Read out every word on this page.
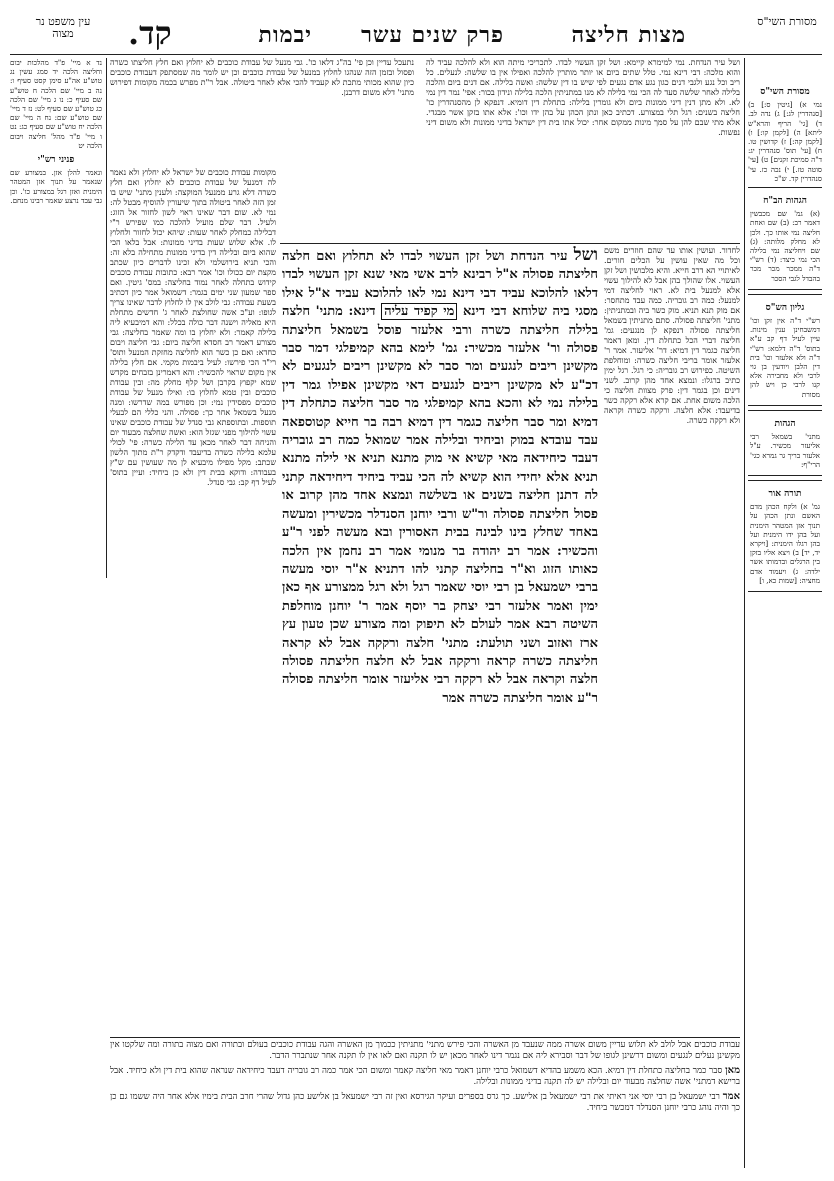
מסורת השי"ס
עין משפט נר מצוה	מצות חליצה
פרק שנים עשר
יבמות
קד.
מסורת השי"ס

נמי א) [גיטין ס:] ב) [סנהדרין לג:] ג) נדה לב. ד) [גי' הריף והרא"ש ליתא] ה) [לקמן קו:] ו) [לקמן קה:] ז) קדושין טו. ח) [עי' תוס' סנהדרין יג: ד"ה סמיכת זקנים] ט) [עי' סוטה טז.] י) נכה כז. עי' סנהדרין קד. ש"כ

הגהות הב"ח

(א) גמ' שם מכבשין דאמר רב: (ב) שם ואחת חליצה נמי אותו כך. ולכן לא מחלק מלותה: (ג) שם ויחליצה נמי בלילה הכי נמי כיצד: (ד) רש"י ד"ה ממכר מכר מכר בהבדל לגבי הסכר

גליון הש"ס

רש"י ד"ה אין זקן וכו' דמשבחינן ענין מינות. עיין לעיל דף קב ע"א בתוס' ד"ה דלמא: רש"י ד"ה ולא אלעזר וכו' בית דין הלבן ויודעין בן גוי לרבי ולא מחבירה אלא קנו לרבי כן ויש להן מסורת

הגהות

מתני' בשמאל רבי אליעזר מכשיר. ע"ל אלעזר בריך גר גמרא כגי' הרי"ף:

תורה אור

גמ' א) ולקח הכהן מדם האשם ונתן הכהן על תנוך אזן המטהר הימנית ועל בהן ידו הימנית ועל בהן רגלו הימנית: [ויקרא יד, יד] ב) ויצא אליו בזקן בין הרגלים ובדמותו אשר ילדה: ג) ויעמוד אדם מחציה: [שמות כא, ו]

נד א מיי' פ"ד מהלכות יבום וחליצה הלכה יד סמג עשין נג טוש"ע אה"ע סימן קסט סעיף ו: נה ב מיי' שם הלכה ח טוש"ע שם סעיף כ: נו ג מיי' שם הלכה כג טוש"ע שם סעיף לט: נז ד מיי' שם טוש"ע שם: נח ה מיי' שם הלכה יח טוש"ע שם סעיף כג: נט ו מיי' פ"ד מהל' חליצה ויבום הלכה יט

פניני רש"י

ונאמר להלן אזן. במצורע שם שנאמר על תנוך אזן המטהר הימנית ואזן רגל במצורע כו'. וכן גבי עבד נרצע שאמר רבינו מנחם.

ושל עיר הנדחת. נמי למימרא קיימא: ושל זקן העשוי לבדו. לתכריכי מיתה הוא ולא להלכה עביד לה והוא מלכה: דבי דינא נמי. טלל שתים ביום או יותר מותרין להלכה ואפילו אין בו שלשה: לנעלים. כל ריב וכל נגע ולגבי דנים כגון נגע אדם נגעים לפי שיש בו דין שלשה: ואשה בלילה. אם דנים ביום והלכה בלילה לאחר שלשה סעד לה הכי נמי בלילה לא מנו במתניתין הלכה בלילה ונידון בכור: אפי' נמר דין נמי לא. ולא מתן דנין דיני ממונות ביום ולא גומרין בלילה: בתחלת דין דומיא. דנפקא לן מהסנהדרין כו' חליצה בשנים: רגל תלי במצורע. דכתיב כאן ונתן הכהן על בהן ידו וכו': אלא אתו בזקן אשר מבגדי. אלא מתי שבם להן על סמך מינות ממקום אחר: יכול אתו בית דין ישראל בדיני ממונות ולא משום דיני נפשות.

נתעכל עדיין וכן פי' בה"ג דלאו כו'. גבי מנעל של עבודת כוכבים לא יחלוץ ואם חלץ חליצתו כשרה ופסול ובזמן הזה שנהגו לחלוץ במנעל של עבודת כוכבים וכן יש לומר מה שמסתפק דעבודת כוכבים כיון שהוא מכותי מתכת לא קעביד להכי אלא לאחר ביטולה. אבל ר"ת מפרש בכמה מקומות דפירוש מתני' דלא משום דרבנן.

ושל עיר הנדחת ושל זקן העשוי לבדו לא תחלוץ ואם חלצה חליצתה פסולה א"ל רבינא לרב אשי מאי שנא זקן העשוי לבדו דלאו להלוכא עביד דבי דינא נמי לאו להלוכא עביד א"ל אילו מסגי ביה שלוחא דבי דינא מי קפיד עליה דינא: מתני' חלצה בלילה חליצתה כשרה ורבי אלעזר פוסל בשמאל חליצתה פסולה ור' אלעזר מכשיר: גמ' לימא בהא קמיפלגי דמר סבר מקשינן ריבים לנגעים ומר סבר לא מקשינן ריבים לנגעים לא דכ"ע לא מקשינן ריבים לנגעים דאי מקשינן אפילו גמר דין בלילה נמי לא והכא בהא קמיפלגי מר סבר חליצה כתחלת דין דמיא ומר סבר חליצה כגמר דין דמיא רבה בר חייא קטוספאה עבד עובדא במוק וביחיד ובלילה אמר שמואל כמה רב גובריה דעבד כיחידאה מאי קשיא אי מוק מתנא תניא אי לילה מתנא תניא אלא יחידי הוא קשיא לה הכי עביד ביחיד דיחידאה קתני לה דתנן חליצה בשנים או בשלשה ונמצא אחד מהן קרוב או פסול חליצתה פסולה ור"ש ורבי יוחנן הסנדלר מכשירין ומעשה באחד שחלץ בינו לבינה בבית האסורין ובא מעשה לפני ר"ע והכשיר: אמר רב יהודה בר מנומי אמר רב נחמן אין הלכה כאותו הזוג וא"ר בחליצה קתני להו דתניא א"ר יוסי מעשה ברבי ישמעאל בן רבי יוסי שאמר רגל ולא רגל ממצורע אף כאן ימין ואמר אלעזר רבי יצחק בר יוסף אמר ר' יוחנן מוחלפת השיטה רבא אמר לעולם לא תיפוק ומה מצורע שכן טעון עץ ארז ואזוב ושני תולעת: מתני' חלצה ורקקה אבל לא קראה חליצתה כשרה קראה ורקקה אבל לא חלצה חליצתה פסולה חלצה וקראה אבל לא רקקה רבי אליעזר אומר חליצתה פסולה ר"ע אומר חליצתה כשרה אמר

לחדור. ועושין אותו עד שהם חוזרים משם וכל מה שאין עושין על הכלים חורים. לאיתויי הא דרב חייא. והיא מלבושין ושל זקן העשוי. אלו שהולך בהן אבל לא להילוך עשוי אלא למנעל בית לא. ראוי לחליצה דמי למנעל: כמה רב גובריה. כמה עבד מתחסר: אם מוק תנא תניא. מוק כשר ביה ובמתניתין: מתני' חליצתה פסולה. סתם מתניתין בשמאל חליצתה פסולה דנפקא לן מנגעים: גמ' חליצה דברי הכל כתחלת דין. ומאן דאמר חליצה כגמר דין דמיא: דר' אליעזר. אמר ר' אלעזר אומר בריבי חליצה כשרה: ומוחלפת השיטה. כפירוש רב גובריה: כי רגל. רגל ימין כתיב ברגלו: ונמצא אחד מהן קרוב. לשני דינים וכן בגמר דין: פרק מצוות חליצה כי הלכה משום אחת. אם קרא אלא רקקה כשר בדיעבד: אלא חלצה. ורקקה כשרה וקראה ולא רקקה כשרה.

מקומות עבודת כוכבים של ישראל לא יחלוץ ולא נאמר לה דמנעל של עבודת כוכבים לא יחלוץ ואם חלץ כשרה דלא גרע ממנעל המוקצה: ולענין מתני' שיש בו זמן הזה לאחר ביטולה בתוך שיעורין להוסיף מבטל לה: נמי לא. שום דבר שאינו ראוי לשון לחזור אל הזוג: ולעיל. דבר שלם מועיל להלכה כמו שפירש ר"י דבלילה כמחלק לאחר שעות: שיהא יכול לחזור ולחלוץ לו. אלא שלוש שעות בדיני ממונות: אבל בלאו הכי שהוא ביום ובלילה דין בדיני ממונות מתחילה בלא זה: והכי תניא בירושלמי ולא זכינו לדברים כיון שכתב מקצת יום ככולו וכו' אמר רבא: כתובות עבודת כוכבים קידוש בתחלה לאחר נמוד בחליצה: במס' גיטין. ואם ספר שמעון שני ימים בגמר: דשמואל אמר כיון דכתיב בשעת עבודה: גבי לולב אין לו לחלוץ לדבר שאינו צריך לגופו: וע"כ אשה שחולצת לאחר ג' חדשים מתחלת היא מאליה וישנה דבר כולה בכלל: והא דמיבעיא ליה בלילה קאמר: ולא יחלוץ בו ומה שאמר בחליצה: גבי מצורע דאמר רב חסדא חליצה ביום: גבי חליצה ויבום כחדא: ואם כן כשר הוא לחליצה מחזקת המנעל ותוס' רי"ד הכי פירשו: לעיל ביבמות מקמי. אם חלץ בלילה אין מקום שראוי להכשיר: והא דאמרינן בזבחים מקדש שמא יקפוץ בקרבן ושל קלף מחלק מה: ובין עבודת כוכבים ובין טמא לחלוץ בו: ואילו מנעל של עבודת כוכבים מפסידין נמי: וכן מפורש במה שדרשו: ומנה מנעל בשמאל אחר כך: פסולה. והני כללי הם לבעלי תוספות. ובתוספתא גבי סנדל של עבודת כוכבים שאינו עשוי להילוך מפני שגזל הוא: ואשה שחלצה מבעוד יום והניחה דבר לאחר מכאן עד הלילה כשרה: פי' לכולי עלמא בלילה כשרה בדיעבד ודקדק ר"ת מתוך הלשון שכתב: מקל מפילו מיבעיא לן מה שעושין עם ש"ץ בעבודה: ודוקא בבית דין ולא כן ביחיד: ועיין בתוס' לעיל דף קב: גבי סנדל.

עבודת כוכבים אבל לולב לא תלוש עדיין משום אשרה ממה שנעבד מן האשרה והכי פירש מתני' מתניתין ככמוך מן האשרה והגה עבודת כוכבים בעולם ובתורה ואם מצוה בתורה ומה שלקטו אין מקשינן נעלים לנגעים ומשום דרשינן לגופו של דבר וסבירא ליה אם נגמר דינו לאחר מכאן יש לו תקנה ואם לאו אין לו תקנה אחר שנתברר הדבר.

מאן סבר כמר בחליצה כתחלת דין דמיא. הכא משמע בהדיא דשמואל כרבי יוחנן דאמר מאי חליצה קאמר ומשום הכי אמר כמה רב גובריה דעבד כיחידאה שנראה שהוא בית דין ולא כיחיד. אבל ברישא דמתני' אשה שחלצה מבעוד יום ובלילה יש לה תקנה בדיני ממונות ובלילה.

אמר רבי ישמעאל בן רבי יוסי אני ראיתי את רבי ישמעאל בן אלישע. כך גרס בספרים ועיקר הגירסא ואין זה רבי ישמעאל בן אלישע כהן גדול שהרי חרב הבית בימיו אלא אחר היה ששמו גם כן כך והיה נוהג כרבי יוחנן הסנדלר דמכשר ביחיד.
